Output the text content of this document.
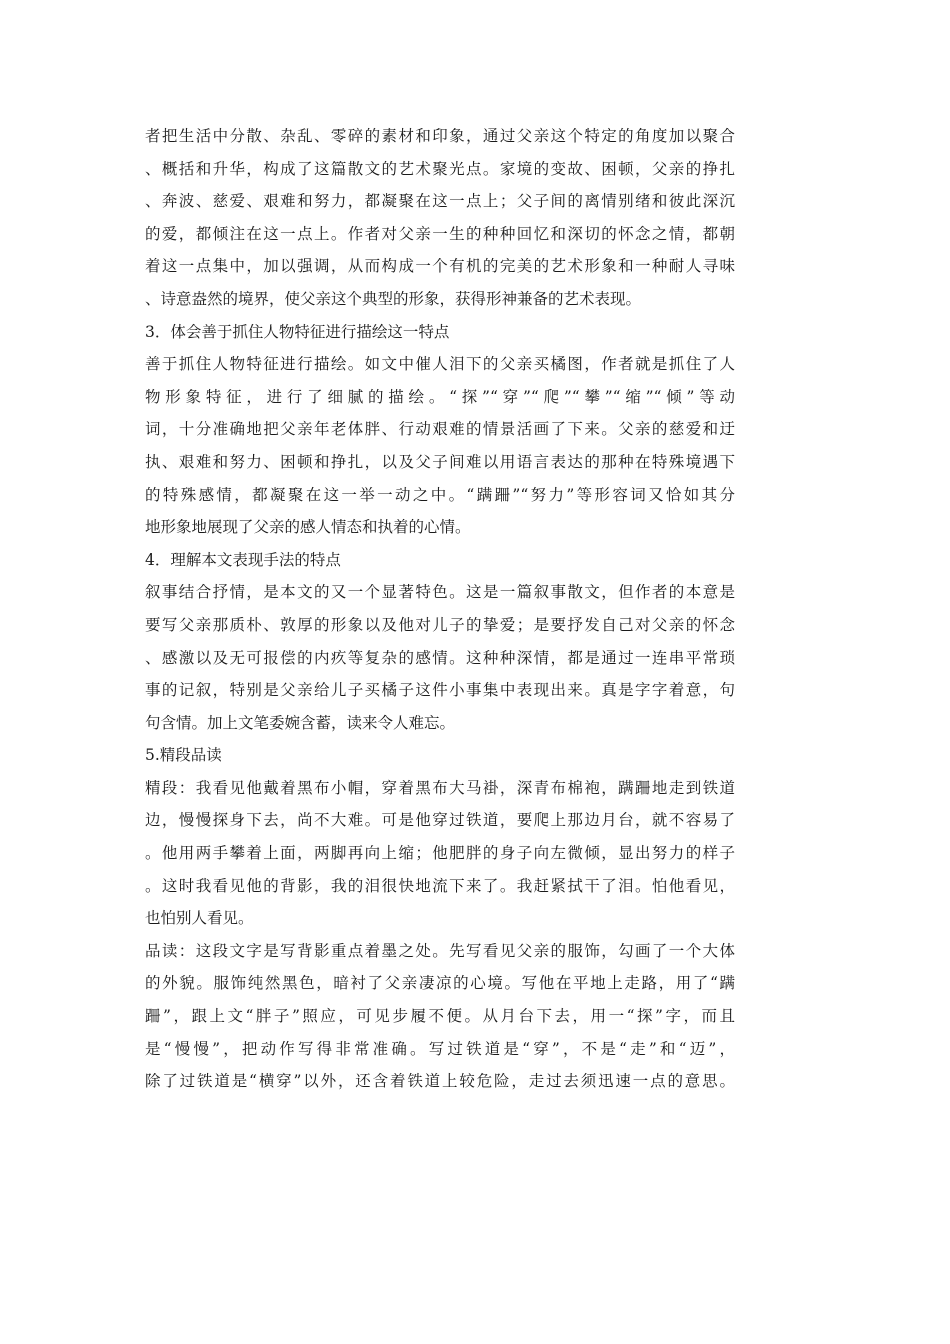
者把生活中分散、杂乱、零碎的素材和印象，通过父亲这个特定的角度加以聚合
、概括和升华，构成了这篇散文的艺术聚光点。家境的变故、困顿，父亲的挣扎
、奔波、慈爱、艰难和努力，都凝聚在这一点上；父子间的离情别绪和彼此深沉
的爱，都倾注在这一点上。作者对父亲一生的种种回忆和深切的怀念之情，都朝
着这一点集中，加以强调，从而构成一个有机的完美的艺术形象和一种耐人寻味
、诗意盎然的境界，使父亲这个典型的形象，获得形神兼备的艺术表现。
3．体会善于抓住人物特征进行描绘这一特点
善于抓住人物特征进行描绘。如文中催人泪下的父亲买橘图，作者就是抓住了人
物形象特征，进行了细腻的描绘。“探”“穿”“爬”“攀”“缩”“倾”等动
词，十分准确地把父亲年老体胖、行动艰难的情景活画了下来。父亲的慈爱和迂
执、艰难和努力、困顿和挣扎，以及父子间难以用语言表达的那种在特殊境遇下
的特殊感情，都凝聚在这一举一动之中。“蹒跚”“努力”等形容词又恰如其分
地形象地展现了父亲的感人情态和执着的心情。
4．理解本文表现手法的特点
叙事结合抒情，是本文的又一个显著特色。这是一篇叙事散文，但作者的本意是
要写父亲那质朴、敦厚的形象以及他对儿子的挚爱；是要抒发自己对父亲的怀念
、感激以及无可报偿的内疚等复杂的感情。这种种深情，都是通过一连串平常琐
事的记叙，特别是父亲给儿子买橘子这件小事集中表现出来。真是字字着意，句
句含情。加上文笔委婉含蓄，读来令人难忘。
5.精段品读
精段：我看见他戴着黑布小帽，穿着黑布大马褂，深青布棉袍，蹒跚地走到铁道
边，慢慢探身下去，尚不大难。可是他穿过铁道，要爬上那边月台，就不容易了
。他用两手攀着上面，两脚再向上缩；他肥胖的身子向左微倾，显出努力的样子
。这时我看见他的背影，我的泪很快地流下来了。我赶紧拭干了泪。怕他看见，
也怕别人看见。
品读：这段文字是写背影重点着墨之处。先写看见父亲的服饰，勾画了一个大体
的外貌。服饰纯然黑色，暗衬了父亲凄凉的心境。写他在平地上走路，用了“蹒
跚”，跟上文“胖子”照应，可见步履不便。从月台下去，用一“探”字，而且
是“慢慢”，把动作写得非常准确。写过铁道是“穿”，不是“走”和“迈”，
除了过铁道是“横穿”以外，还含着铁道上较危险，走过去须迅速一点的意思。
